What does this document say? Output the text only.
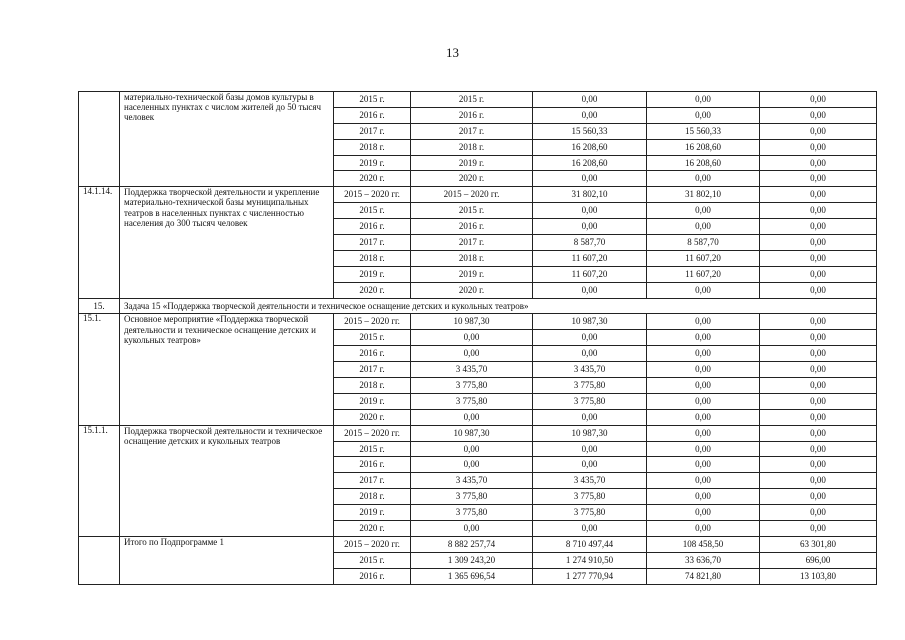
13
	материально-технической базы домов культуры в населенных пунктах с числом жителей до 50 тысяч человек	2015 г.	2015 г.	0,00	0,00	0,00
		2016 г.	2016 г.	0,00	0,00	0,00
		2017 г.	2017 г.	15 560,33	15 560,33	0,00
		2018 г.	2018 г.	16 208,60	16 208,60	0,00
		2019 г.	2019 г.	16 208,60	16 208,60	0,00
		2020 г.	2020 г.	0,00	0,00	0,00
14.1.14.	Поддержка творческой деятельности и укрепление материально-технической базы муниципальных театров в населенных пунктах с численностью населения до 300 тысяч человек	2015 – 2020 гг.	2015 – 2020 гг.	31 802,10	31 802,10	0,00
		2015 г.	2015 г.	0,00	0,00	0,00
		2016 г.	2016 г.	0,00	0,00	0,00
		2017 г.	2017 г.	8 587,70	8 587,70	0,00
		2018 г.	2018 г.	11 607,20	11 607,20	0,00
		2019 г.	2019 г.	11 607,20	11 607,20	0,00
		2020 г.	2020 г.	0,00	0,00	0,00
15.	Задача 15 «Поддержка творческой деятельности и техническое оснащение детских и кукольных театров»					
15.1.	Основное мероприятие «Поддержка творческой деятельности и техническое оснащение детских и кукольных театров»	2015 – 2020 гг.	10 987,30	10 987,30	0,00	0,00
		2015 г.	0,00	0,00	0,00	0,00
		2016 г.	0,00	0,00	0,00	0,00
		2017 г.	3 435,70	3 435,70	0,00	0,00
		2018 г.	3 775,80	3 775,80	0,00	0,00
		2019 г.	3 775,80	3 775,80	0,00	0,00
		2020 г.	0,00	0,00	0,00	0,00
15.1.1.	Поддержка творческой деятельности и техническое оснащение детских и кукольных театров	2015 – 2020 гг.	10 987,30	10 987,30	0,00	0,00
		2015 г.	0,00	0,00	0,00	0,00
		2016 г.	0,00	0,00	0,00	0,00
		2017 г.	3 435,70	3 435,70	0,00	0,00
		2018 г.	3 775,80	3 775,80	0,00	0,00
		2019 г.	3 775,80	3 775,80	0,00	0,00
		2020 г.	0,00	0,00	0,00	0,00
	Итого по Подпрограмме 1	2015 – 2020 гг.	8 882 257,74	8 710 497,44	108 458,50	63 301,80
		2015 г.	1 309 243,20	1 274 910,50	33 636,70	696,00
		2016 г.	1 365 696,54	1 277 770,94	74 821,80	13 103,80
